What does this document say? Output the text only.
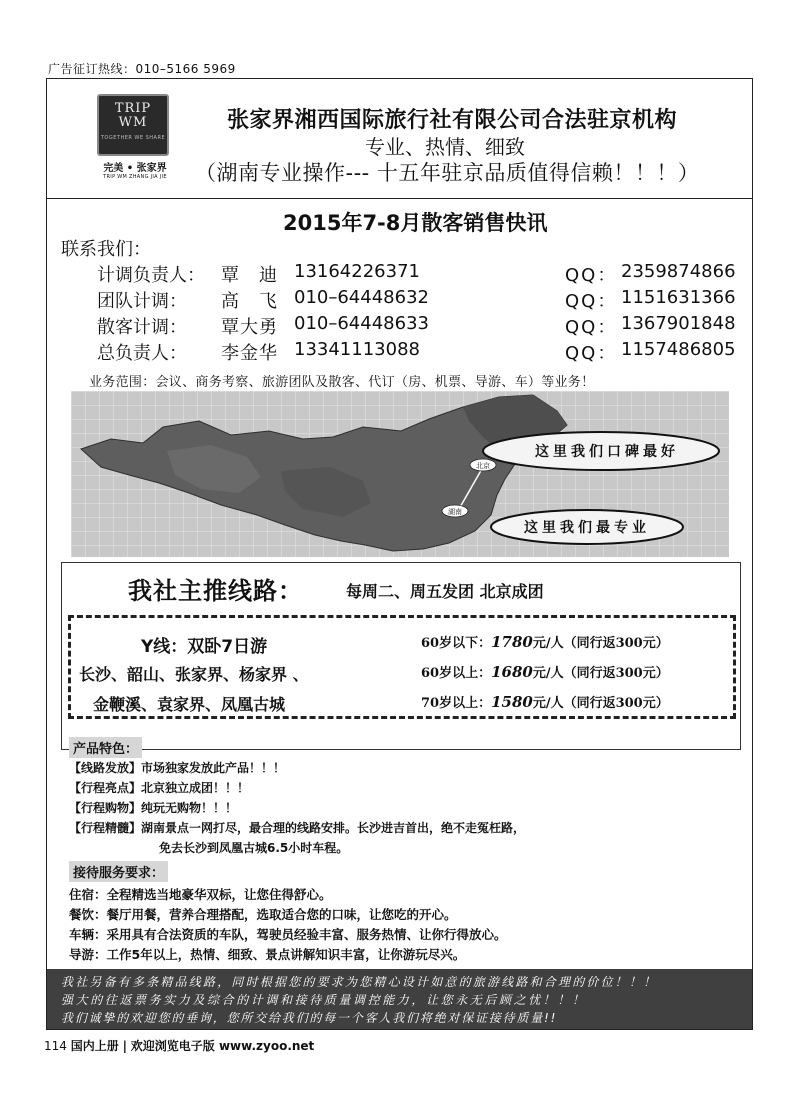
广告征订热线：010–5166 5969
TRIP
WM
TOGETHER WE SHARE
完美 • 张家界
TRIP WM ZHANG JIA JIE
张家界湘西国际旅行社有限公司合法驻京机构
专业、热情、细致
（湖南专业操作--- 十五年驻京品质值得信赖！！！）
2015年7-8月散客销售快讯
联系我们：
计调负责人： 覃　迪 13164226371	QQ： 2359874866
团队计调： 高　飞 010–64448632	QQ： 1151631366
散客计调： 覃大勇 010–64448633	QQ： 1367901848
总负责人： 李金华 13341113088	QQ： 1157486805
业务范围：会议、商务考察、旅游团队及散客、代订（房、机票、导游、车）等业务！
北京
湖南
这里我们口碑最好
这里我们最专业
我社主推线路：	每周二、周五发团 北京成团
Y线：双卧7日游
长沙、韶山、张家界、杨家界 、
金鞭溪、袁家界、凤凰古城
60岁以下：1780元/人（同行返300元）
60岁以上：1680元/人（同行返300元）
70岁以上：1580元/人（同行返300元）
产品特色：
【线路发放】市场独家发放此产品！！！
【行程亮点】北京独立成团！！！
【行程购物】纯玩无购物！！！
【行程精髓】湖南景点一网打尽，最合理的线路安排。长沙进吉首出，绝不走冤枉路，
免去长沙到凤凰古城6.5小时车程。
接待服务要求：
住宿：全程精选当地豪华双标，让您住得舒心。
餐饮：餐厅用餐，营养合理搭配，选取适合您的口味，让您吃的开心。
车辆：采用具有合法资质的车队，驾驶员经验丰富、服务热情、让你行得放心。
导游：工作5年以上，热情、细致、景点讲解知识丰富，让你游玩尽兴。
我社另备有多条精品线路，同时根据您的要求为您精心设计如意的旅游线路和合理的价位！！！
强大的往返票务实力及综合的计调和接待质量调控能力，让您永无后顾之忧！！！
我们诚挚的欢迎您的垂询，您所交给我们的每一个客人我们将绝对保证接待质量!!
114 国内上册 | 欢迎浏览电子版 www.zyoo.net
